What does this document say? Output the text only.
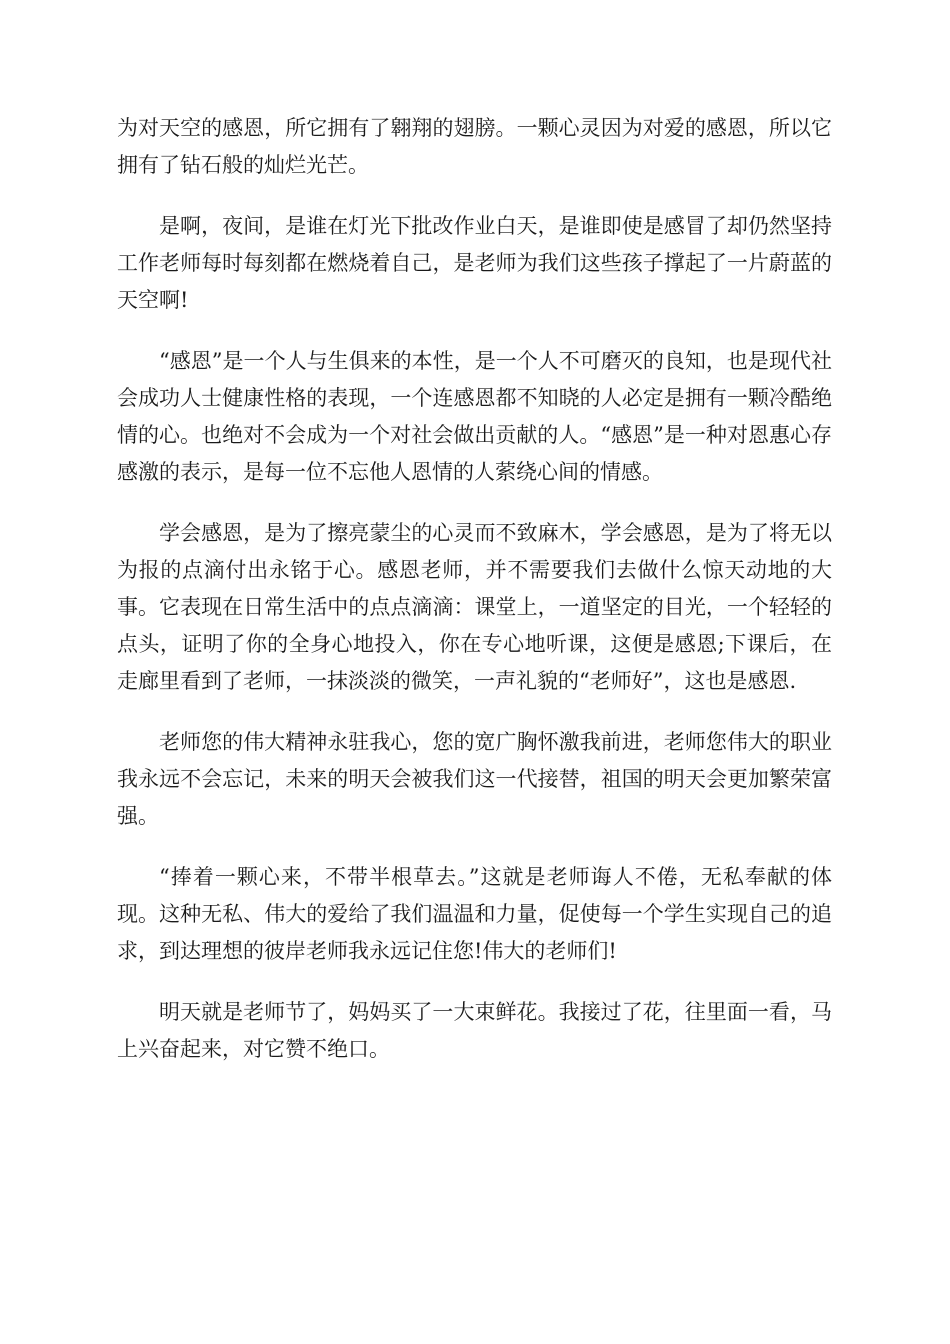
为对天空的感恩，所它拥有了翱翔的翅膀。一颗心灵因为对爱的感恩，所以它拥有了钻石般的灿烂光芒。

是啊，夜间，是谁在灯光下批改作业白天，是谁即使是感冒了却仍然坚持工作老师每时每刻都在燃烧着自己，是老师为我们这些孩子撑起了一片蔚蓝的天空啊!

“感恩”是一个人与生俱来的本性，是一个人不可磨灭的良知，也是现代社会成功人士健康性格的表现，一个连感恩都不知晓的人必定是拥有一颗冷酷绝情的心。也绝对不会成为一个对社会做出贡献的人。“感恩”是一种对恩惠心存感激的表示，是每一位不忘他人恩情的人萦绕心间的情感。

学会感恩，是为了擦亮蒙尘的心灵而不致麻木，学会感恩，是为了将无以为报的点滴付出永铭于心。感恩老师，并不需要我们去做什么惊天动地的大事。它表现在日常生活中的点点滴滴：课堂上，一道坚定的目光，一个轻轻的点头，证明了你的全身心地投入，你在专心地听课，这便是感恩;下课后，在走廊里看到了老师，一抹淡淡的微笑，一声礼貌的“老师好”，这也是感恩.

老师您的伟大精神永驻我心，您的宽广胸怀激我前进，老师您伟大的职业我永远不会忘记，未来的明天会被我们这一代接替，祖国的明天会更加繁荣富强。

“捧着一颗心来，不带半根草去。”这就是老师诲人不倦，无私奉献的体现。这种无私、伟大的爱给了我们温温和力量，促使每一个学生实现自己的追求，到达理想的彼岸老师我永远记住您!伟大的老师们!

明天就是老师节了，妈妈买了一大束鲜花。我接过了花，往里面一看，马上兴奋起来，对它赞不绝口。
